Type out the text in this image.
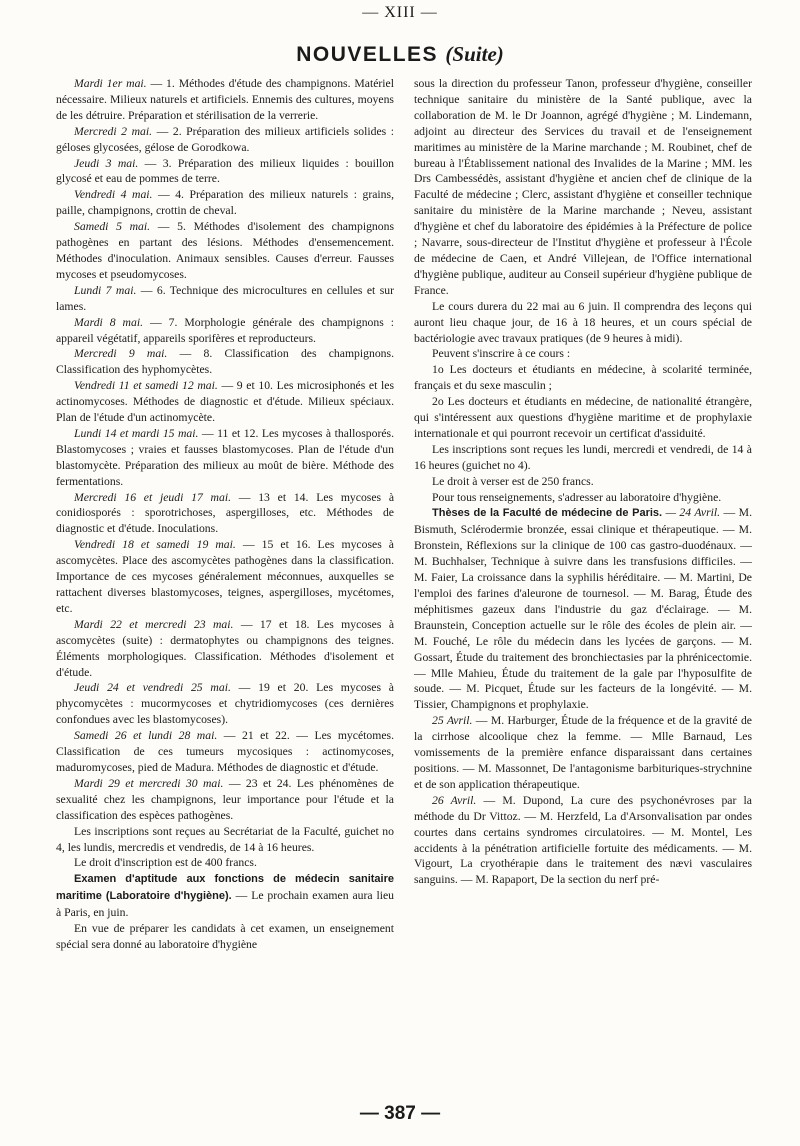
— XIII —
NOUVELLES (Suite)

Mardi 1er mai. — 1. Méthodes d'étude des champignons. Matériel nécessaire. Milieux naturels et artificiels. Ennemis des cultures, moyens de les détruire. Préparation et stérilisation de la verrerie.

Mercredi 2 mai. — 2. Préparation des milieux artificiels solides : géloses glycosées, gélose de Gorodkowa.

Jeudi 3 mai. — 3. Préparation des milieux liquides : bouillon glycosé et eau de pommes de terre.

Vendredi 4 mai. — 4. Préparation des milieux naturels : grains, paille, champignons, crottin de cheval.

Samedi 5 mai. — 5. Méthodes d'isolement des champignons pathogènes en partant des lésions. Méthodes d'ensemencement. Méthodes d'inoculation. Animaux sensibles. Causes d'erreur. Fausses mycoses et pseudomycoses.

Lundi 7 mai. — 6. Technique des microcultures en cellules et sur lames.

Mardi 8 mai. — 7. Morphologie générale des champignons : appareil végétatif, appareils sporifères et reproducteurs.

Mercredi 9 mai. — 8. Classification des champignons. Classification des hyphomycètes.

Vendredi 11 et samedi 12 mai. — 9 et 10. Les microsiphonés et les actinomycoses. Méthodes de diagnostic et d'étude. Milieux spéciaux. Plan de l'étude d'un actinomycète.

Lundi 14 et mardi 15 mai. — 11 et 12. Les mycoses à thallosporés. Blastomycoses ; vraies et fausses blastomycoses. Plan de l'étude d'un blastomycète. Préparation des milieux au moût de bière. Méthode des fermentations.

Mercredi 16 et jeudi 17 mai. — 13 et 14. Les mycoses à conidiosporés : sporotrichoses, aspergilloses, etc. Méthodes de diagnostic et d'étude. Inoculations.

Vendredi 18 et samedi 19 mai. — 15 et 16. Les mycoses à ascomycètes. Place des ascomycètes pathogènes dans la classification. Importance de ces mycoses généralement méconnues, auxquelles se rattachent diverses blastomycoses, teignes, aspergilloses, mycétomes, etc.

Mardi 22 et mercredi 23 mai. — 17 et 18. Les mycoses à ascomycètes (suite) : dermatophytes ou champignons des teignes. Éléments morphologiques. Classification. Méthodes d'isolement et d'étude.

Jeudi 24 et vendredi 25 mai. — 19 et 20. Les mycoses à phycomycètes : mucormycoses et chytridiomycoses (ces dernières confondues avec les blastomycoses).

Samedi 26 et lundi 28 mai. — 21 et 22. — Les mycétomes. Classification de ces tumeurs mycosiques : actinomycoses, maduromycoses, pied de Madura. Méthodes de diagnostic et d'étude.

Mardi 29 et mercredi 30 mai. — 23 et 24. Les phénomènes de sexualité chez les champignons, leur importance pour l'étude et la classification des espèces pathogènes.

Les inscriptions sont reçues au Secrétariat de la Faculté, guichet no 4, les lundis, mercredis et vendredis, de 14 à 16 heures.

Le droit d'inscription est de 400 francs.

Examen d'aptitude aux fonctions de médecin sanitaire maritime (Laboratoire d'hygiène). — Le prochain examen aura lieu à Paris, en juin.

En vue de préparer les candidats à cet examen, un enseignement spécial sera donné au laboratoire d'hygiène

sous la direction du professeur Tanon, professeur d'hygiène, conseiller technique sanitaire du ministère de la Santé publique, avec la collaboration de M. le Dr Joannon, agrégé d'hygiène ; M. Lindemann, adjoint au directeur des Services du travail et de l'enseignement maritimes au ministère de la Marine marchande ; M. Roubinet, chef de bureau à l'Établissement national des Invalides de la Marine ; MM. les Drs Cambessédès, assistant d'hygiène et ancien chef de clinique de la Faculté de médecine ; Clerc, assistant d'hygiène et conseiller technique sanitaire du ministère de la Marine marchande ; Neveu, assistant d'hygiène et chef du laboratoire des épidémies à la Préfecture de police ; Navarre, sous-directeur de l'Institut d'hygiène et professeur à l'École de médecine de Caen, et André Villejean, de l'Office international d'hygiène publique, auditeur au Conseil supérieur d'hygiène publique de France.

Le cours durera du 22 mai au 6 juin. Il comprendra des leçons qui auront lieu chaque jour, de 16 à 18 heures, et un cours spécial de bactériologie avec travaux pratiques (de 9 heures à midi).

Peuvent s'inscrire à ce cours :

1o Les docteurs et étudiants en médecine, à scolarité terminée, français et du sexe masculin ;

2o Les docteurs et étudiants en médecine, de nationalité étrangère, qui s'intéressent aux questions d'hygiène maritime et de prophylaxie internationale et qui pourront recevoir un certificat d'assiduité.

Les inscriptions sont reçues les lundi, mercredi et vendredi, de 14 à 16 heures (guichet no 4).

Le droit à verser est de 250 francs.

Pour tous renseignements, s'adresser au laboratoire d'hygiène.

Thèses de la Faculté de médecine de Paris. — 24 Avril. — M. Bismuth, Sclérodermie bronzée, essai clinique et thérapeutique. — M. Bronstein, Réflexions sur la clinique de 100 cas gastro-duodénaux. — M. Buchhalser, Technique à suivre dans les transfusions difficiles. — M. Faier, La croissance dans la syphilis héréditaire. — M. Martini, De l'emploi des farines d'aleurone de tournesol. — M. Barag, Étude des méphitismes gazeux dans l'industrie du gaz d'éclairage. — M. Braunstein, Conception actuelle sur le rôle des écoles de plein air. — M. Fouché, Le rôle du médecin dans les lycées de garçons. — M. Gossart, Étude du traitement des bronchiectasies par la phrénicectomie. — Mlle Mahieu, Étude du traitement de la gale par l'hyposulfite de soude. — M. Picquet, Étude sur les facteurs de la longévité. — M. Tissier, Champignons et prophylaxie.

25 Avril. — M. Harburger, Étude de la fréquence et de la gravité de la cirrhose alcoolique chez la femme. — Mlle Barnaud, Les vomissements de la première enfance disparaissant dans certaines positions. — M. Massonnet, De l'antagonisme barbituriques-strychnine et de son application thérapeutique.

26 Avril. — M. Dupond, La cure des psychonévroses par la méthode du Dr Vittoz. — M. Herzfeld, La d'Arsonvalisation par ondes courtes dans certains syndromes circulatoires. — M. Montel, Les accidents à la pénétration artificielle fortuite des médicaments. — M. Vigourt, La cryothérapie dans le traitement des nævi vasculaires sanguins. — M. Rapaport, De la section du nerf pré-

— 387 —
